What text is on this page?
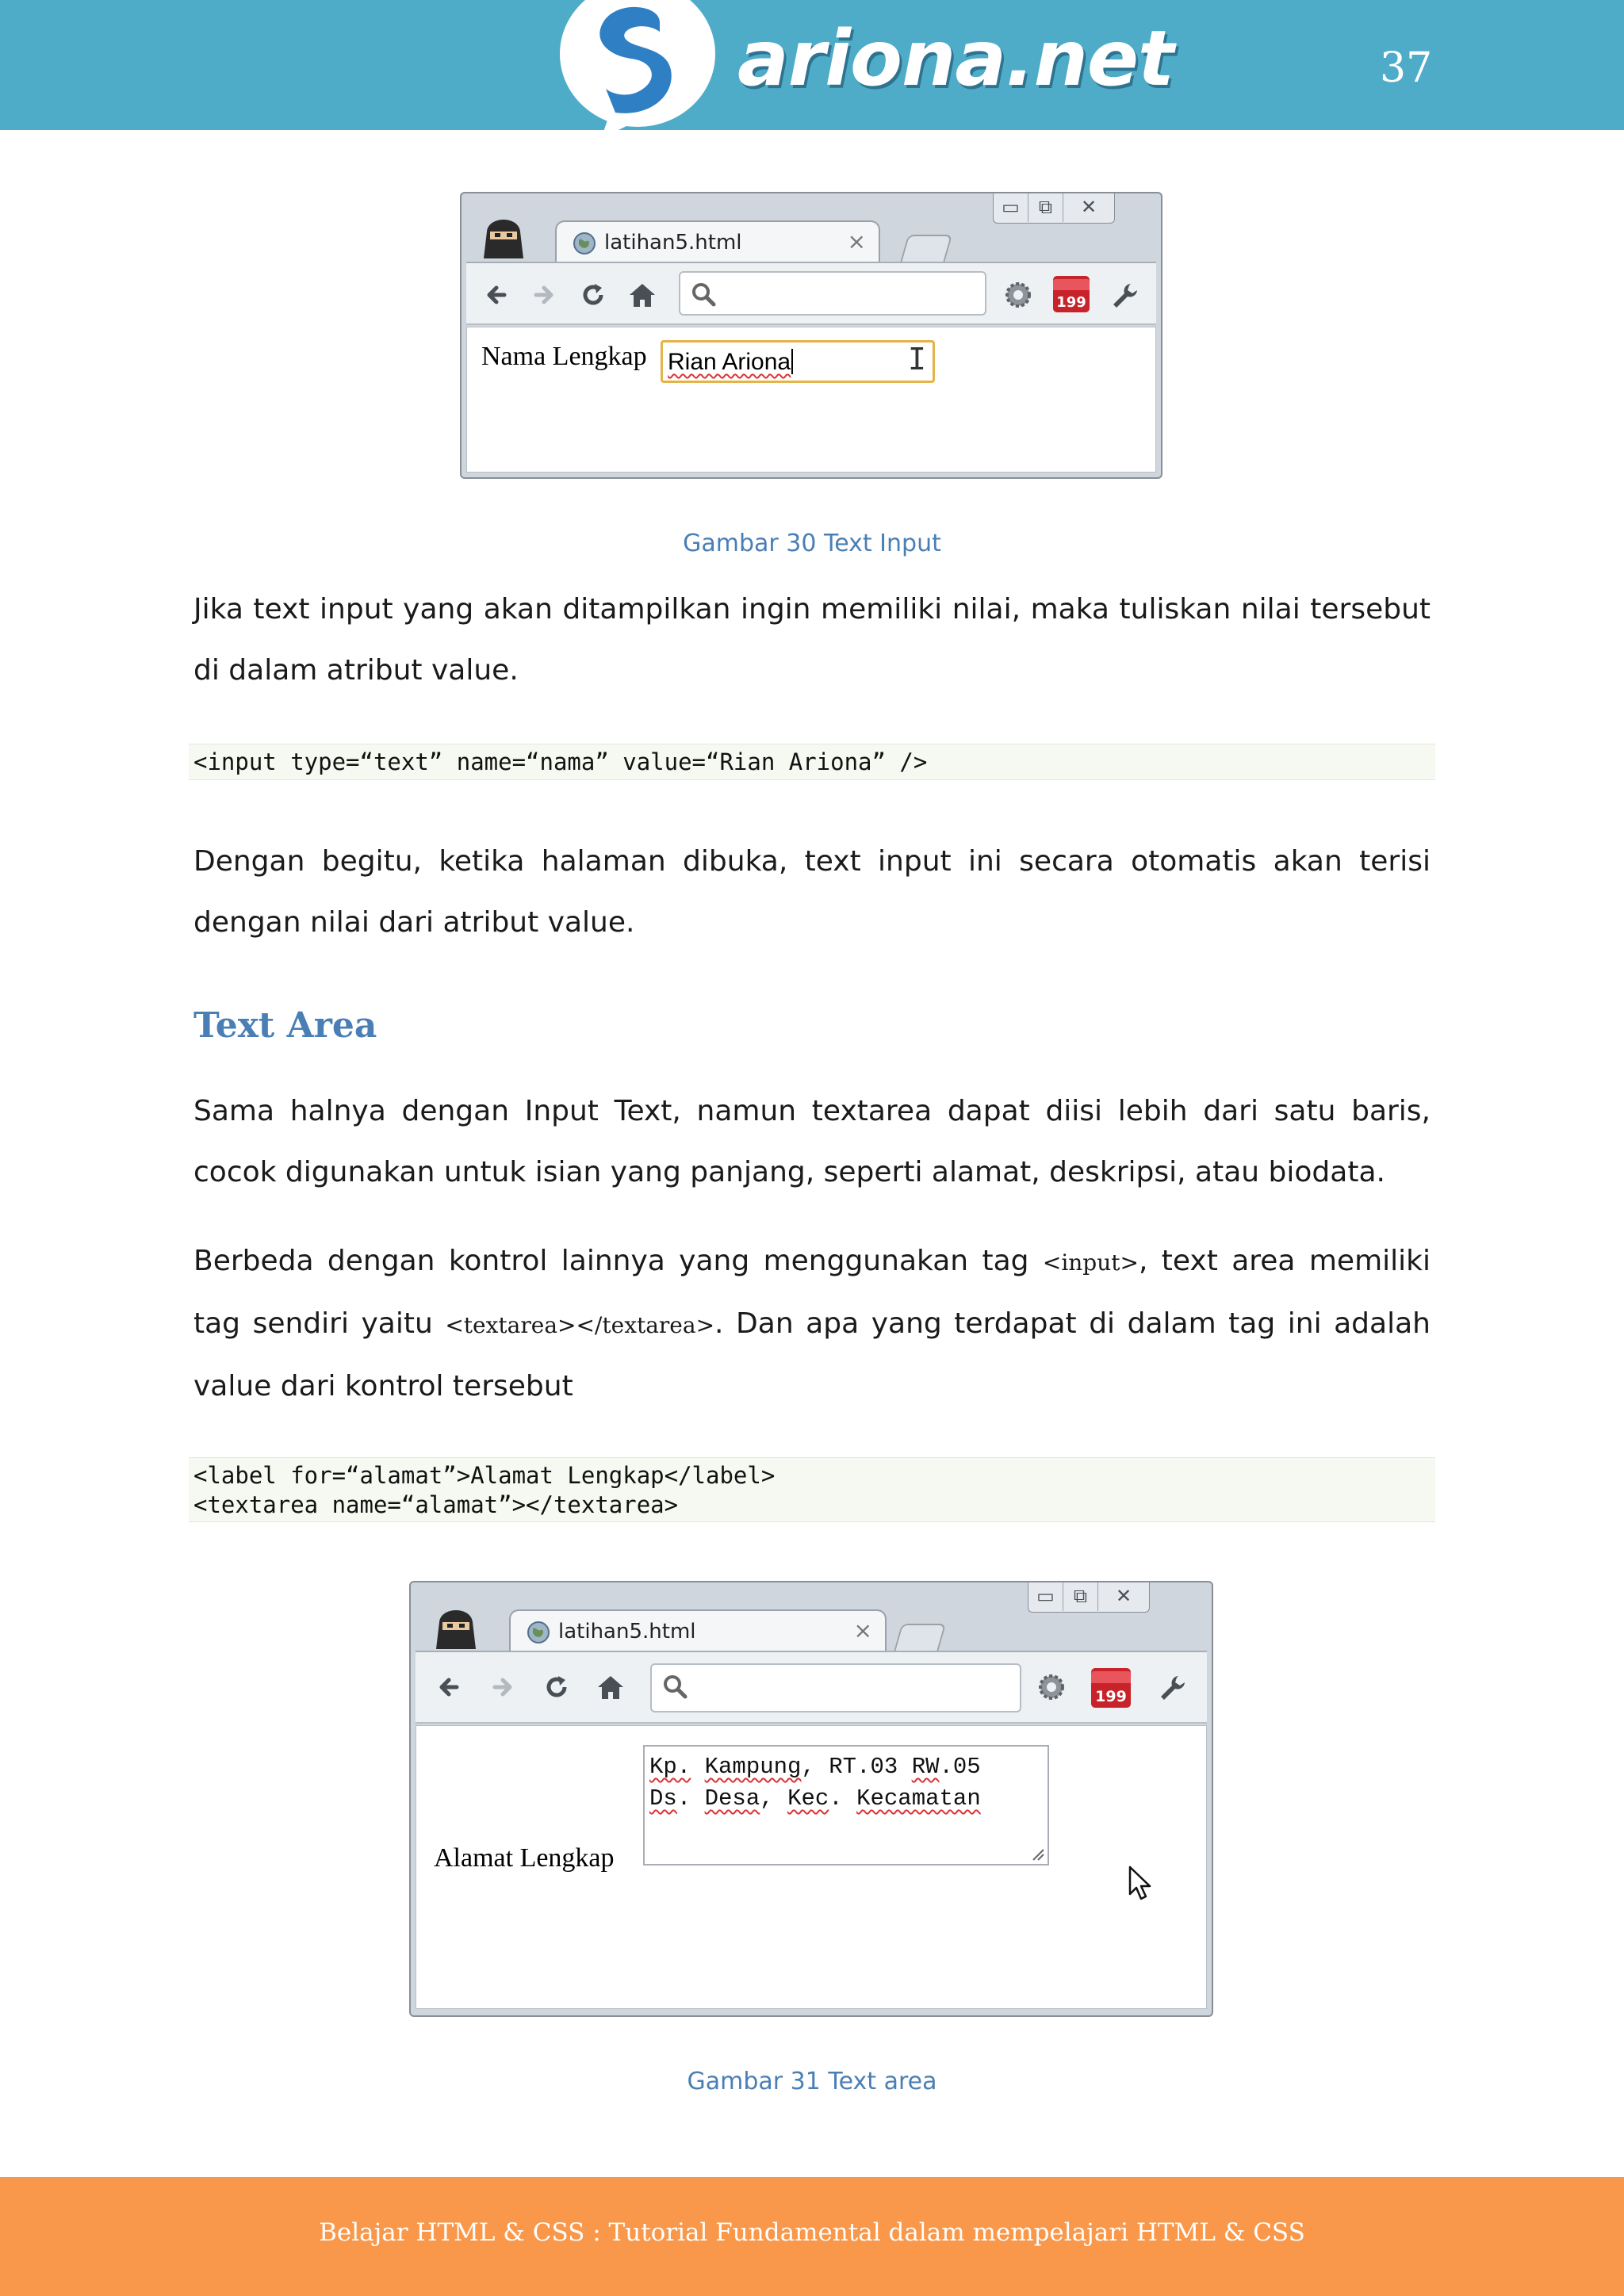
ariona.net	37
▭	⧉	✕
latihan5.html	×
199
Nama Lengkap Rian Ariona	I
Gambar 30 Text Input

Jika text input yang akan ditampilkan ingin memiliki nilai, maka tuliskan nilai tersebut di dalam atribut value.

<input type=“text” name=“nama” value=“Rian Ariona” />

Dengan begitu, ketika halaman dibuka, text input ini secara otomatis akan terisi dengan nilai dari atribut value.

Text Area

Sama halnya dengan Input Text, namun textarea dapat diisi lebih dari satu baris, cocok digunakan untuk isian yang panjang, seperti alamat, deskripsi, atau biodata.

Berbeda dengan kontrol lainnya yang menggunakan tag <input>, text area memiliki tag sendiri yaitu <textarea></textarea>. Dan apa yang terdapat di dalam tag ini adalah value dari kontrol tersebut

<label for=“alamat”>Alamat Lengkap</label>
<textarea name=“alamat”></textarea>
▭	⧉	✕
latihan5.html	×
199
Alamat Lengkap
Kp. Kampung, RT.03 RW.05
Ds. Desa, Kec. Kecamatan
Gambar 31 Text area
Belajar HTML & CSS : Tutorial Fundamental dalam mempelajari HTML & CSS
